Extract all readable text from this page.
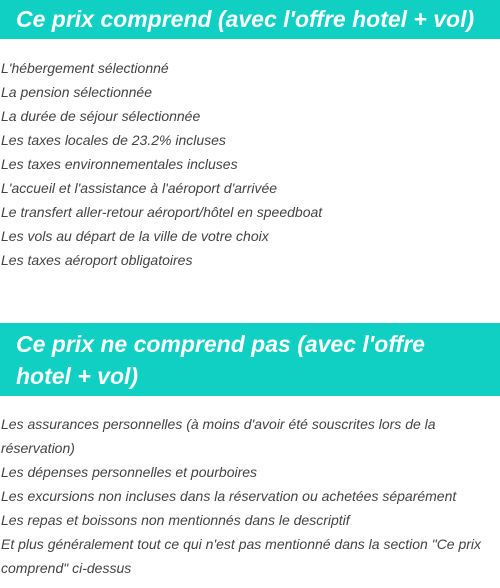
Ce prix comprend (avec l'offre hotel + vol)
L'hébergement sélectionné
La pension sélectionnée
La durée de séjour sélectionnée
Les taxes locales de 23.2% incluses
Les taxes environnementales incluses
L'accueil et l'assistance à l'aéroport d'arrivée
Le transfert aller-retour aéroport/hôtel en speedboat
Les vols au départ de la ville de votre choix
Les taxes aéroport obligatoires
Ce prix ne comprend pas (avec l'offre hotel + vol)
Les assurances personnelles (à moins d'avoir été souscrites lors de la réservation)
Les dépenses personnelles et pourboires
Les excursions non incluses dans la réservation ou achetées séparément
Les repas et boissons non mentionnés dans le descriptif
Et plus généralement tout ce qui n'est pas mentionné dans la section "Ce prix comprend" ci-dessus
